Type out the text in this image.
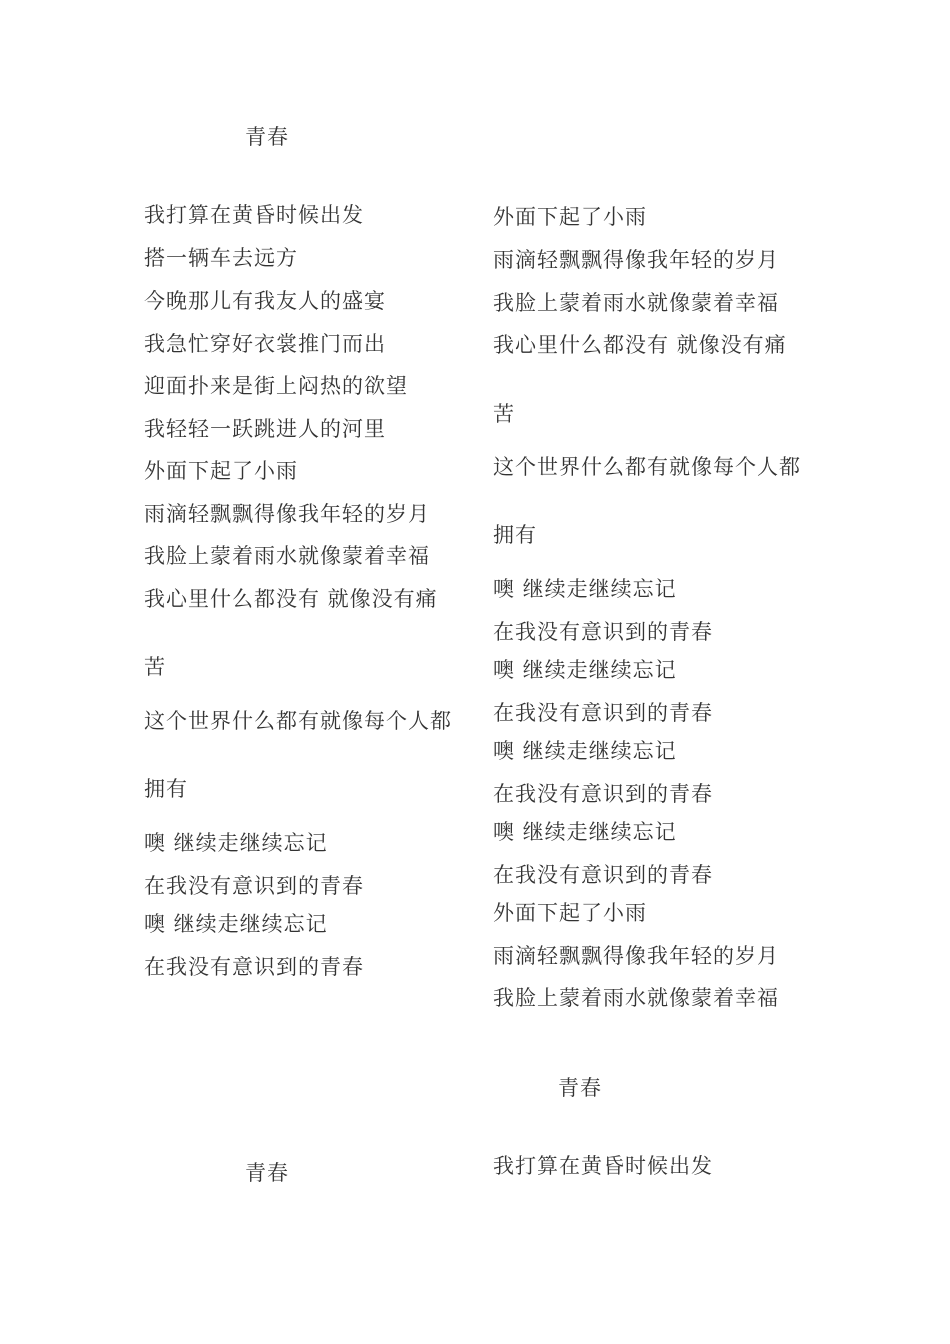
青春

我打算在黄昏时候出发

搭一辆车去远方

今晚那儿有我友人的盛宴

我急忙穿好衣裳推门而出

迎面扑来是街上闷热的欲望

我轻轻一跃跳进人的河里

外面下起了小雨

雨滴轻飘飘得像我年轻的岁月

我脸上蒙着雨水就像蒙着幸福

我心里什么都没有 就像没有痛

苦

这个世界什么都有就像每个人都

拥有

噢 继续走继续忘记

在我没有意识到的青春

噢 继续走继续忘记

在我没有意识到的青春

青春

外面下起了小雨

雨滴轻飘飘得像我年轻的岁月

我脸上蒙着雨水就像蒙着幸福

我心里什么都没有 就像没有痛

苦

这个世界什么都有就像每个人都

拥有

噢 继续走继续忘记

在我没有意识到的青春

噢 继续走继续忘记

在我没有意识到的青春

噢 继续走继续忘记

在我没有意识到的青春

噢 继续走继续忘记

在我没有意识到的青春

外面下起了小雨

雨滴轻飘飘得像我年轻的岁月

我脸上蒙着雨水就像蒙着幸福

青春

我打算在黄昏时候出发
